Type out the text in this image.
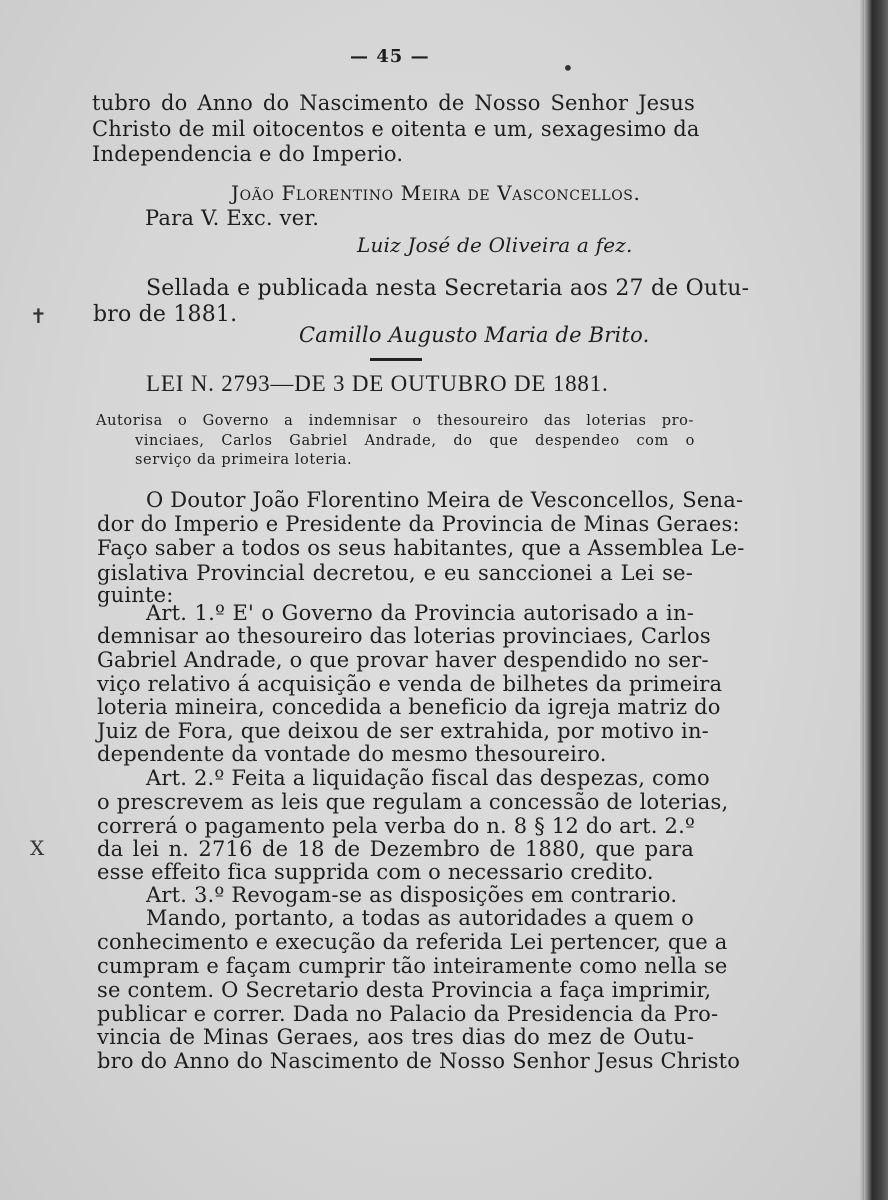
— 45 —	•
tubro do Anno do Nascimento de Nosso Senhor Jesus
Christo de mil oitocentos e oitenta e um, sexagesimo da
Independencia e do Imperio.
João Florentino Meira de Vasconcellos.
Para V. Exc. ver.
Luiz José de Oliveira a fez.
Sellada e publicada nesta Secretaria aos 27 de Outu-
✝ bro de 1881.
Camillo Augusto Maria de Brito.
LEI N. 2793—DE 3 DE OUTUBRO DE 1881.
Autorisa o Governo a indemnisar o thesoureiro das loterias pro-
vinciaes, Carlos Gabriel Andrade, do que despendeo com o
serviço da primeira loteria.
O Doutor João Florentino Meira de Vesconcellos, Sena-
dor do Imperio e Presidente da Provincia de Minas Geraes:
Faço saber a todos os seus habitantes, que a Assemblea Le-
gislativa Provincial decretou, e eu sanccionei a Lei se-
guinte:
Art. 1.º E' o Governo da Provincia autorisado a in-
demnisar ao thesoureiro das loterias provinciaes, Carlos
Gabriel Andrade, o que provar haver despendido no ser-
viço relativo á acquisição e venda de bilhetes da primeira
loteria mineira, concedida a beneficio da igreja matriz do
Juiz de Fora, que deixou de ser extrahida, por motivo in-
dependente da vontade do mesmo thesoureiro.
Art. 2.º Feita a liquidação fiscal das despezas, como
o prescrevem as leis que regulam a concessão de loterias,
correrá o pagamento pela verba do n. 8 § 12 do art. 2.º
X	da lei n. 2716 de 18 de Dezembro de 1880, que para
esse effeito fica supprida com o necessario credito.
Art. 3.º Revogam-se as disposições em contrario.
Mando, portanto, a todas as autoridades a quem o
conhecimento e execução da referida Lei pertencer, que a
cumpram e façam cumprir tão inteiramente como nella se
se contem. O Secretario desta Provincia a faça imprimir,
publicar e correr. Dada no Palacio da Presidencia da Pro-
vincia de Minas Geraes, aos tres dias do mez de Outu-
bro do Anno do Nascimento de Nosso Senhor Jesus Christo
